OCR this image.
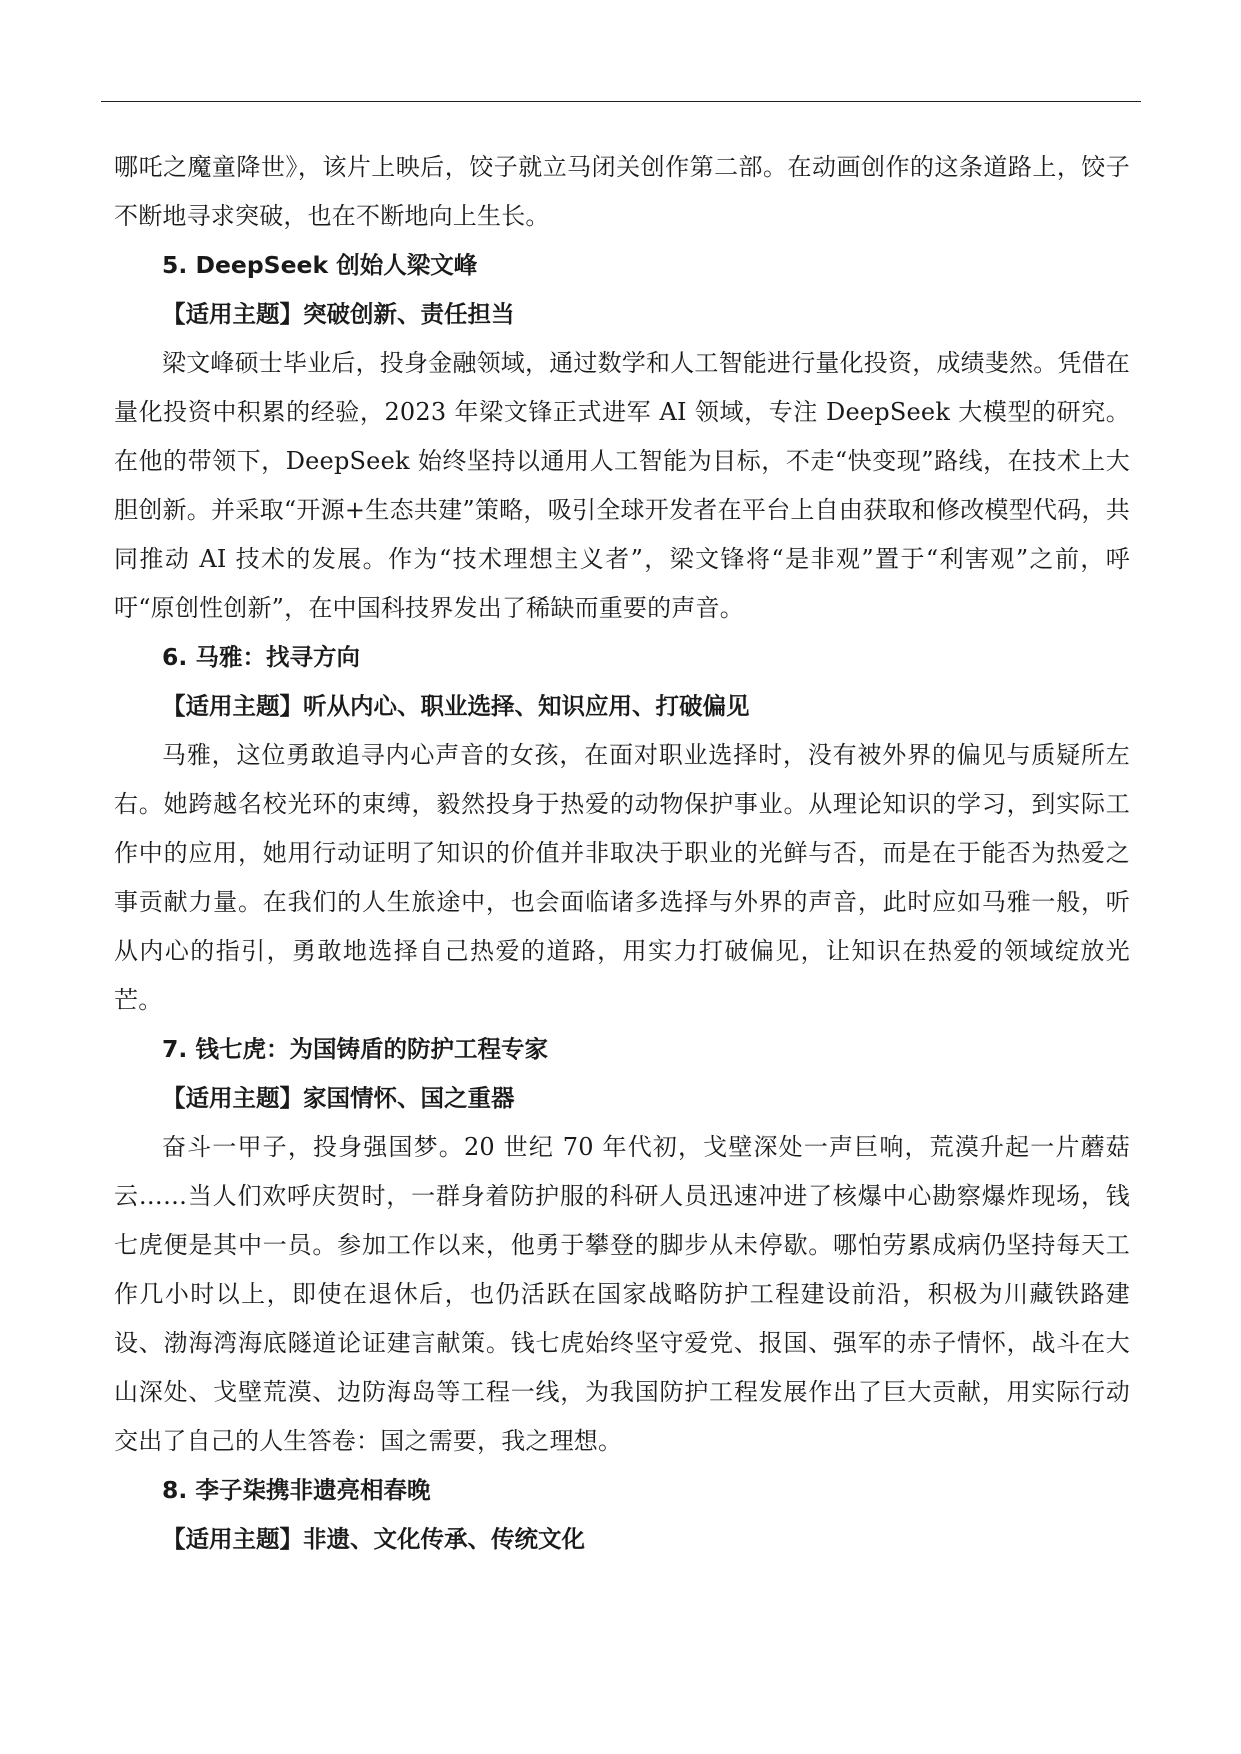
哪吒之魔童降世》，该片上映后，饺子就立马闭关创作第二部。在动画创作的这条道路上，饺子不断地寻求突破，也在不断地向上生长。

5. DeepSeek 创始人梁文峰

【适用主题】突破创新、责任担当

梁文峰硕士毕业后，投身金融领域，通过数学和人工智能进行量化投资，成绩斐然。凭借在量化投资中积累的经验，2023 年梁文锋正式进军 AI 领域，专注 DeepSeek 大模型的研究。在他的带领下，DeepSeek 始终坚持以通用人工智能为目标，不走“快变现”路线，在技术上大胆创新。并采取“开源+生态共建”策略，吸引全球开发者在平台上自由获取和修改模型代码，共同推动 AI 技术的发展。作为“技术理想主义者”，梁文锋将“是非观”置于“利害观”之前，呼吁“原创性创新”，在中国科技界发出了稀缺而重要的声音。

6. 马雅：找寻方向

【适用主题】听从内心、职业选择、知识应用、打破偏见

马雅，这位勇敢追寻内心声音的女孩，在面对职业选择时，没有被外界的偏见与质疑所左右。她跨越名校光环的束缚，毅然投身于热爱的动物保护事业。从理论知识的学习，到实际工作中的应用，她用行动证明了知识的价值并非取决于职业的光鲜与否，而是在于能否为热爱之事贡献力量。在我们的人生旅途中，也会面临诸多选择与外界的声音，此时应如马雅一般，听从内心的指引，勇敢地选择自己热爱的道路，用实力打破偏见，让知识在热爱的领域绽放光芒。

7. 钱七虎：为国铸盾的防护工程专家

【适用主题】家国情怀、国之重器

奋斗一甲子，投身强国梦。20 世纪 70 年代初，戈壁深处一声巨响，荒漠升起一片蘑菇云……当人们欢呼庆贺时，一群身着防护服的科研人员迅速冲进了核爆中心勘察爆炸现场，钱七虎便是其中一员。参加工作以来，他勇于攀登的脚步从未停歇。哪怕劳累成病仍坚持每天工作几小时以上，即使在退休后，也仍活跃在国家战略防护工程建设前沿，积极为川藏铁路建设、渤海湾海底隧道论证建言献策。钱七虎始终坚守爱党、报国、强军的赤子情怀，战斗在大山深处、戈壁荒漠、边防海岛等工程一线，为我国防护工程发展作出了巨大贡献，用实际行动交出了自己的人生答卷：国之需要，我之理想。

8. 李子柒携非遗亮相春晚

【适用主题】非遗、文化传承、传统文化
